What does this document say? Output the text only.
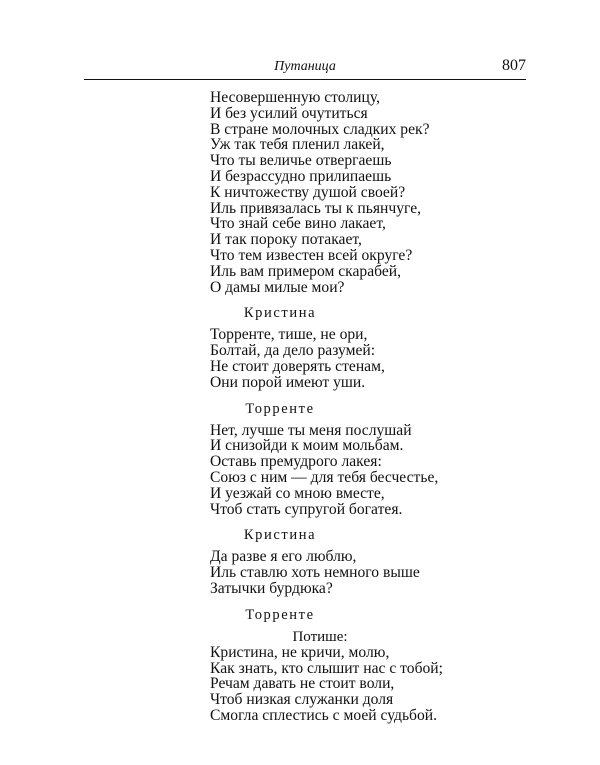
Путаница	807
Несовершенную столицу,
И без усилий очутиться
В стране молочных сладких рек?
Уж так тебя пленил лакей,
Что ты величье отвергаешь
И безрассудно прилипаешь
К ничтожеству душой своей?
Иль привязалась ты к пьянчуге,
Что знай себе вино лакает,
И так пороку потакает,
Что тем известен всей округе?
Иль вам примером скарабей,
О дамы милые мои?
Кристина
Торренте, тише, не ори,
Болтай, да дело разумей:
Не стоит доверять стенам,
Они порой имеют уши.
Торренте
Нет, лучше ты меня послушай
И снизойди к моим мольбам.
Оставь премудрого лакея:
Союз с ним — для тебя бесчестье,
И уезжай со мною вместе,
Чтоб стать супругой богатея.
Кристина
Да разве я его люблю,
Иль ставлю хоть немного выше
Затычки бурдюка?
Торренте
Потише:
Кристина, не кричи, молю,
Как знать, кто слышит нас с тобой;
Речам давать не стоит воли,
Чтоб низкая служанки доля
Смогла сплестись с моей судьбой.
